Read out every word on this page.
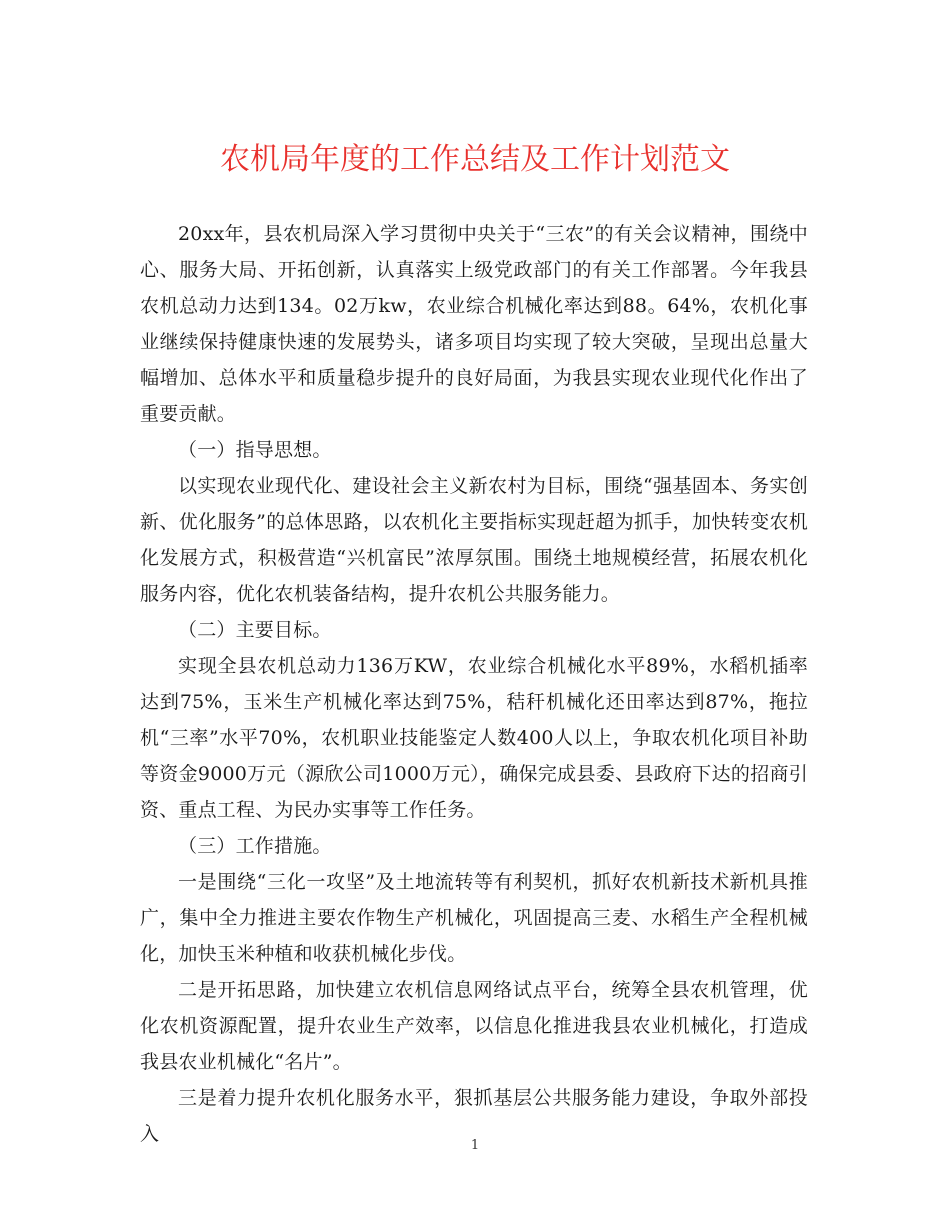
农机局年度的工作总结及工作计划范文

20xx年，县农机局深入学习贯彻中央关于“三农”的有关会议精神，围绕中心、服务大局、开拓创新，认真落实上级党政部门的有关工作部署。今年我县农机总动力达到134。02万kw，农业综合机械化率达到88。64%，农机化事业继续保持健康快速的发展势头，诸多项目均实现了较大突破，呈现出总量大幅增加、总体水平和质量稳步提升的良好局面，为我县实现农业现代化作出了重要贡献。

（一）指导思想。

以实现农业现代化、建设社会主义新农村为目标，围绕“强基固本、务实创新、优化服务”的总体思路，以农机化主要指标实现赶超为抓手，加快转变农机化发展方式，积极营造“兴机富民”浓厚氛围。围绕土地规模经营，拓展农机化服务内容，优化农机装备结构，提升农机公共服务能力。

（二）主要目标。

实现全县农机总动力136万KW，农业综合机械化水平89%，水稻机插率达到75%，玉米生产机械化率达到75%，秸秆机械化还田率达到87%，拖拉机“三率”水平70%，农机职业技能鉴定人数400人以上，争取农机化项目补助等资金9000万元（源欣公司1000万元），确保完成县委、县政府下达的招商引资、重点工程、为民办实事等工作任务。

（三）工作措施。

一是围绕“三化一攻坚”及土地流转等有利契机，抓好农机新技术新机具推广，集中全力推进主要农作物生产机械化，巩固提高三麦、水稻生产全程机械化，加快玉米种植和收获机械化步伐。

二是开拓思路，加快建立农机信息网络试点平台，统筹全县农机管理，优化农机资源配置，提升农业生产效率，以信息化推进我县农业机械化，打造成我县农业机械化“名片”。

三是着力提升农机化服务水平，狠抓基层公共服务能力建设，争取外部投入

1
